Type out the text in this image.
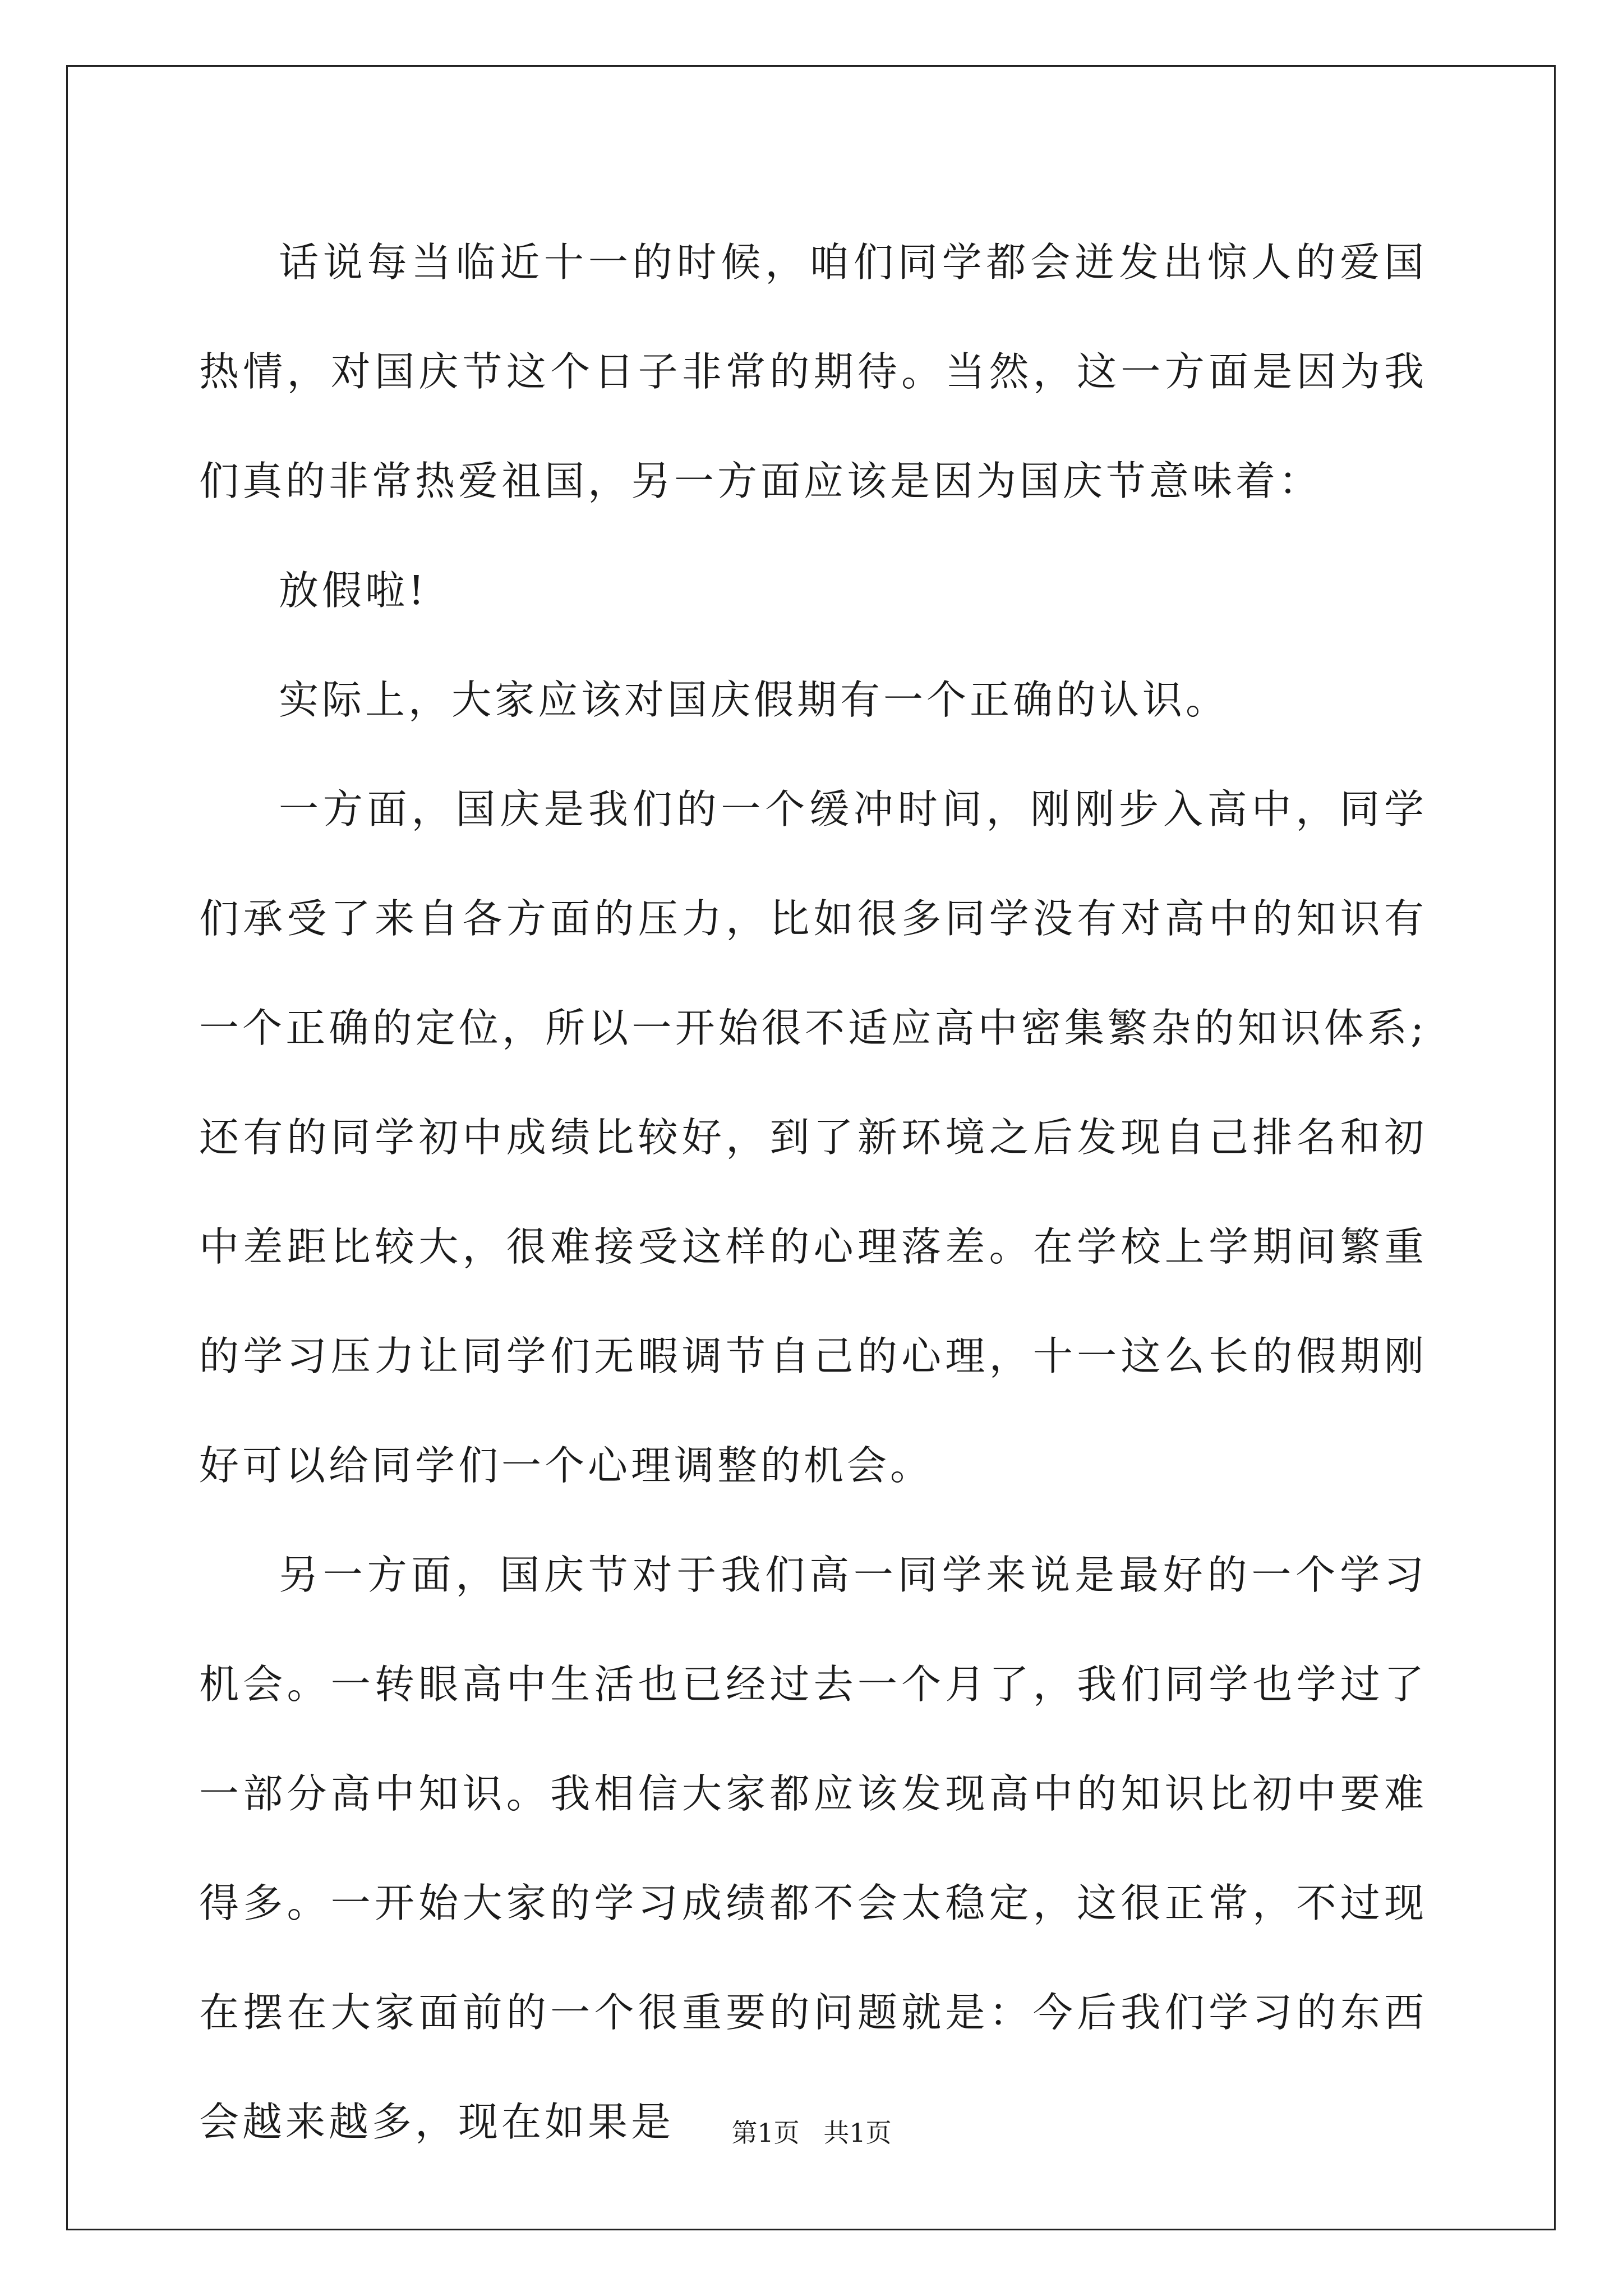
话说每当临近十一的时候，咱们同学都会迸发出惊人的爱国热情，对国庆节这个日子非常的期待。当然，这一方面是因为我们真的非常热爱祖国，另一方面应该是因为国庆节意味着：

放假啦!

实际上，大家应该对国庆假期有一个正确的认识。

一方面，国庆是我们的一个缓冲时间，刚刚步入高中，同学们承受了来自各方面的压力，比如很多同学没有对高中的知识有一个正确的定位，所以一开始很不适应高中密集繁杂的知识体系;还有的同学初中成绩比较好，到了新环境之后发现自己排名和初中差距比较大，很难接受这样的心理落差。在学校上学期间繁重的学习压力让同学们无暇调节自己的心理，十一这么长的假期刚好可以给同学们一个心理调整的机会。

另一方面，国庆节对于我们高一同学来说是最好的一个学习机会。一转眼高中生活也已经过去一个月了，我们同学也学过了一部分高中知识。我相信大家都应该发现高中的知识比初中要难得多。一开始大家的学习成绩都不会太稳定，这很正常，不过现在摆在大家面前的一个很重要的问题就是：今后我们学习的东西会越来越多，现在如果是	第1页 共1页
